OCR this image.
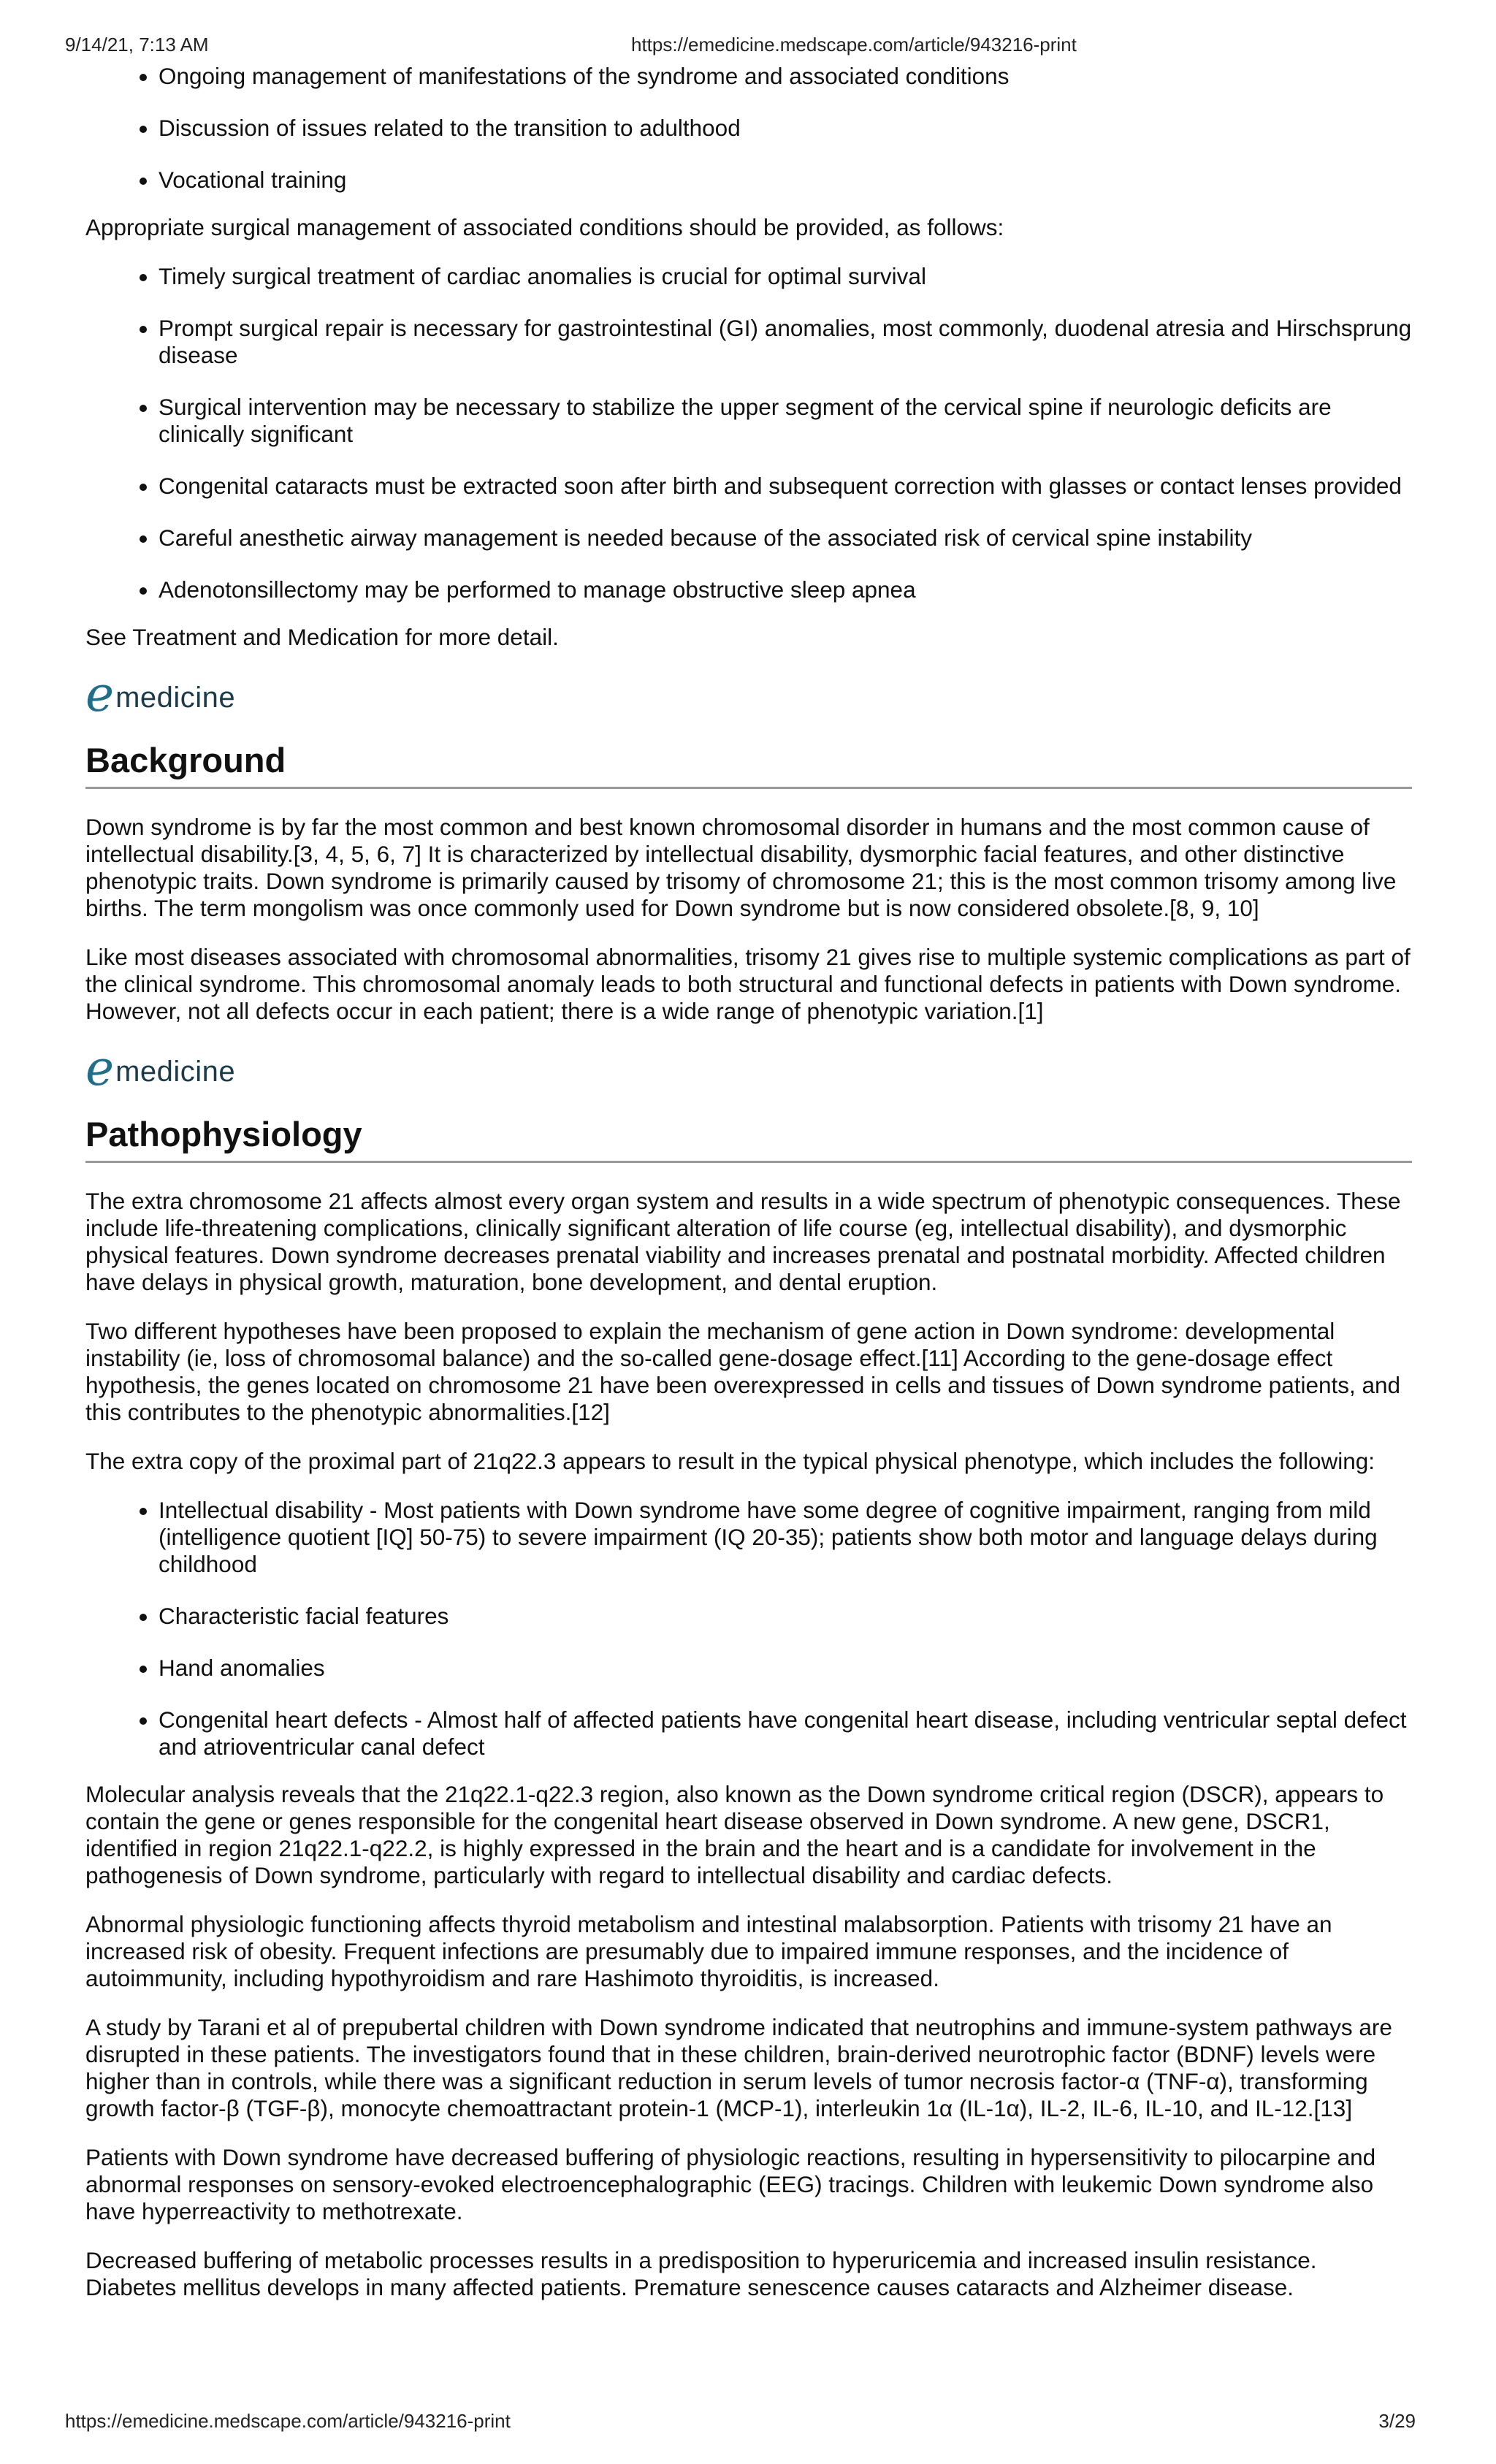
9/14/21, 7:13 AM	https://emedicine.medscape.com/article/943216-print
• Ongoing management of manifestations of the syndrome and associated conditions
• Discussion of issues related to the transition to adulthood
• Vocational training

Appropriate surgical management of associated conditions should be provided, as follows:

• Timely surgical treatment of cardiac anomalies is crucial for optimal survival
• Prompt surgical repair is necessary for gastrointestinal (GI) anomalies, most commonly, duodenal atresia and Hirschsprung disease
• Surgical intervention may be necessary to stabilize the upper segment of the cervical spine if neurologic deficits are clinically significant
• Congenital cataracts must be extracted soon after birth and subsequent correction with glasses or contact lenses provided
• Careful anesthetic airway management is needed because of the associated risk of cervical spine instability
• Adenotonsillectomy may be performed to manage obstructive sleep apnea

See Treatment and Medication for more detail.

e medicine
Background

Down syndrome is by far the most common and best known chromosomal disorder in humans and the most common cause of intellectual disability.[3, 4, 5, 6, 7] It is characterized by intellectual disability, dysmorphic facial features, and other distinctive phenotypic traits. Down syndrome is primarily caused by trisomy of chromosome 21; this is the most common trisomy among live births. The term mongolism was once commonly used for Down syndrome but is now considered obsolete.[8, 9, 10]

Like most diseases associated with chromosomal abnormalities, trisomy 21 gives rise to multiple systemic complications as part of the clinical syndrome. This chromosomal anomaly leads to both structural and functional defects in patients with Down syndrome. However, not all defects occur in each patient; there is a wide range of phenotypic variation.[1]

e medicine
Pathophysiology

The extra chromosome 21 affects almost every organ system and results in a wide spectrum of phenotypic consequences. These include life-threatening complications, clinically significant alteration of life course (eg, intellectual disability), and dysmorphic physical features. Down syndrome decreases prenatal viability and increases prenatal and postnatal morbidity. Affected children have delays in physical growth, maturation, bone development, and dental eruption.

Two different hypotheses have been proposed to explain the mechanism of gene action in Down syndrome: developmental instability (ie, loss of chromosomal balance) and the so-called gene-dosage effect.[11] According to the gene-dosage effect hypothesis, the genes located on chromosome 21 have been overexpressed in cells and tissues of Down syndrome patients, and this contributes to the phenotypic abnormalities.[12]

The extra copy of the proximal part of 21q22.3 appears to result in the typical physical phenotype, which includes the following:

• Intellectual disability - Most patients with Down syndrome have some degree of cognitive impairment, ranging from mild (intelligence quotient [IQ] 50-75) to severe impairment (IQ 20-35); patients show both motor and language delays during childhood
• Characteristic facial features
• Hand anomalies
• Congenital heart defects - Almost half of affected patients have congenital heart disease, including ventricular septal defect and atrioventricular canal defect

Molecular analysis reveals that the 21q22.1-q22.3 region, also known as the Down syndrome critical region (DSCR), appears to contain the gene or genes responsible for the congenital heart disease observed in Down syndrome. A new gene, DSCR1, identified in region 21q22.1-q22.2, is highly expressed in the brain and the heart and is a candidate for involvement in the pathogenesis of Down syndrome, particularly with regard to intellectual disability and cardiac defects.

Abnormal physiologic functioning affects thyroid metabolism and intestinal malabsorption. Patients with trisomy 21 have an increased risk of obesity. Frequent infections are presumably due to impaired immune responses, and the incidence of autoimmunity, including hypothyroidism and rare Hashimoto thyroiditis, is increased.

A study by Tarani et al of prepubertal children with Down syndrome indicated that neutrophins and immune-system pathways are disrupted in these patients. The investigators found that in these children, brain-derived neurotrophic factor (BDNF) levels were higher than in controls, while there was a significant reduction in serum levels of tumor necrosis factor-α (TNF-α), transforming growth factor-β (TGF-β), monocyte chemoattractant protein-1 (MCP-1), interleukin 1α (IL-1α), IL-2, IL-6, IL-10, and IL-12.[13]

Patients with Down syndrome have decreased buffering of physiologic reactions, resulting in hypersensitivity to pilocarpine and abnormal responses on sensory-evoked electroencephalographic (EEG) tracings. Children with leukemic Down syndrome also have hyperreactivity to methotrexate.

Decreased buffering of metabolic processes results in a predisposition to hyperuricemia and increased insulin resistance. Diabetes mellitus develops in many affected patients. Premature senescence causes cataracts and Alzheimer disease.

https://emedicine.medscape.com/article/943216-print	3/29
